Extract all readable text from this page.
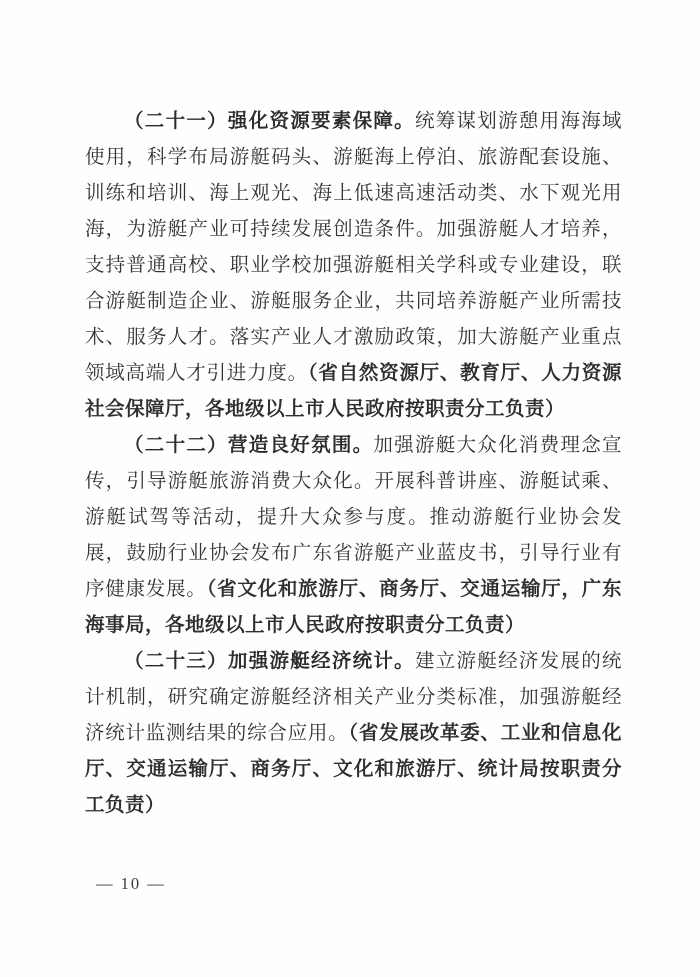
（二十一）强化资源要素保障。统筹谋划游憩用海海域使用，科学布局游艇码头、游艇海上停泊、旅游配套设施、训练和培训、海上观光、海上低速高速活动类、水下观光用海，为游艇产业可持续发展创造条件。加强游艇人才培养，支持普通高校、职业学校加强游艇相关学科或专业建设，联合游艇制造企业、游艇服务企业，共同培养游艇产业所需技术、服务人才。落实产业人才激励政策，加大游艇产业重点领域高端人才引进力度。（省自然资源厅、教育厅、人力资源社会保障厅，各地级以上市人民政府按职责分工负责）

（二十二）营造良好氛围。加强游艇大众化消费理念宣传，引导游艇旅游消费大众化。开展科普讲座、游艇试乘、游艇试驾等活动，提升大众参与度。推动游艇行业协会发展，鼓励行业协会发布广东省游艇产业蓝皮书，引导行业有序健康发展。（省文化和旅游厅、商务厅、交通运输厅，广东海事局，各地级以上市人民政府按职责分工负责）

（二十三）加强游艇经济统计。建立游艇经济发展的统计机制，研究确定游艇经济相关产业分类标准，加强游艇经济统计监测结果的综合应用。（省发展改革委、工业和信息化厅、交通运输厅、商务厅、文化和旅游厅、统计局按职责分工负责）

— 10 —
